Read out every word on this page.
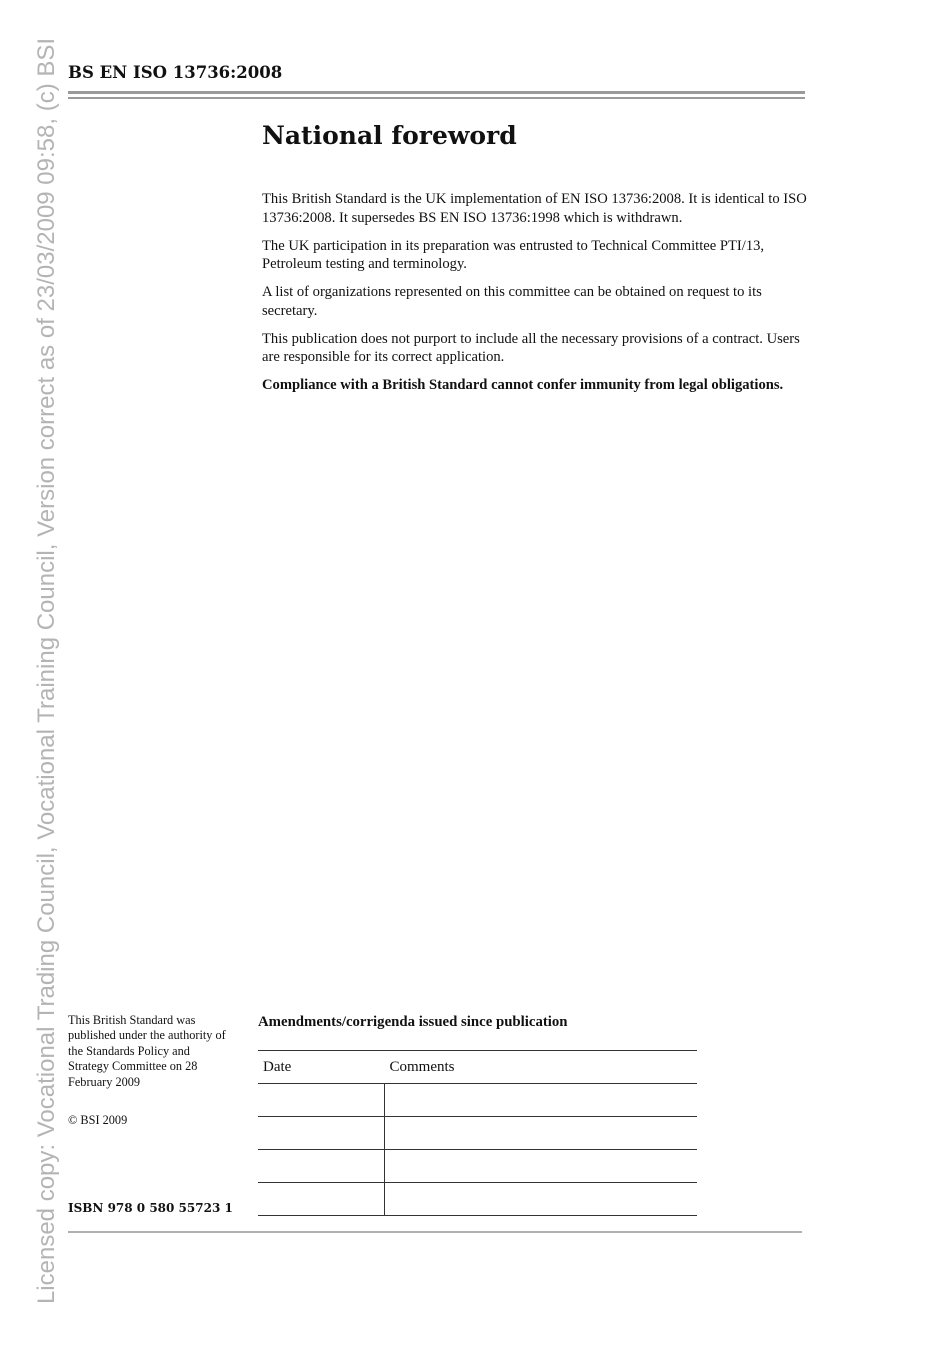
Licensed copy: Vocational Trading Council, Vocational Training Council, Version correct as of 23/03/2009 09:58, (c) BSI BS EN ISO 13736:2008
National foreword

This British Standard is the UK implementation of EN ISO 13736:2008. It is identical to ISO 13736:2008. It supersedes BS EN ISO 13736:1998 which is withdrawn.

The UK participation in its preparation was entrusted to Technical Committee PTI/13, Petroleum testing and terminology.

A list of organizations represented on this committee can be obtained on request to its secretary.

This publication does not purport to include all the necessary provisions of a contract. Users are responsible for its correct application.

Compliance with a British Standard cannot confer immunity from legal obligations.

This British Standard was published under the authority of the Standards Policy and Strategy Committee on 28 February 2009
© BSI 2009
ISBN 978 0 580 55723 1
Amendments/corrigenda issued since publication
Date	Comments
